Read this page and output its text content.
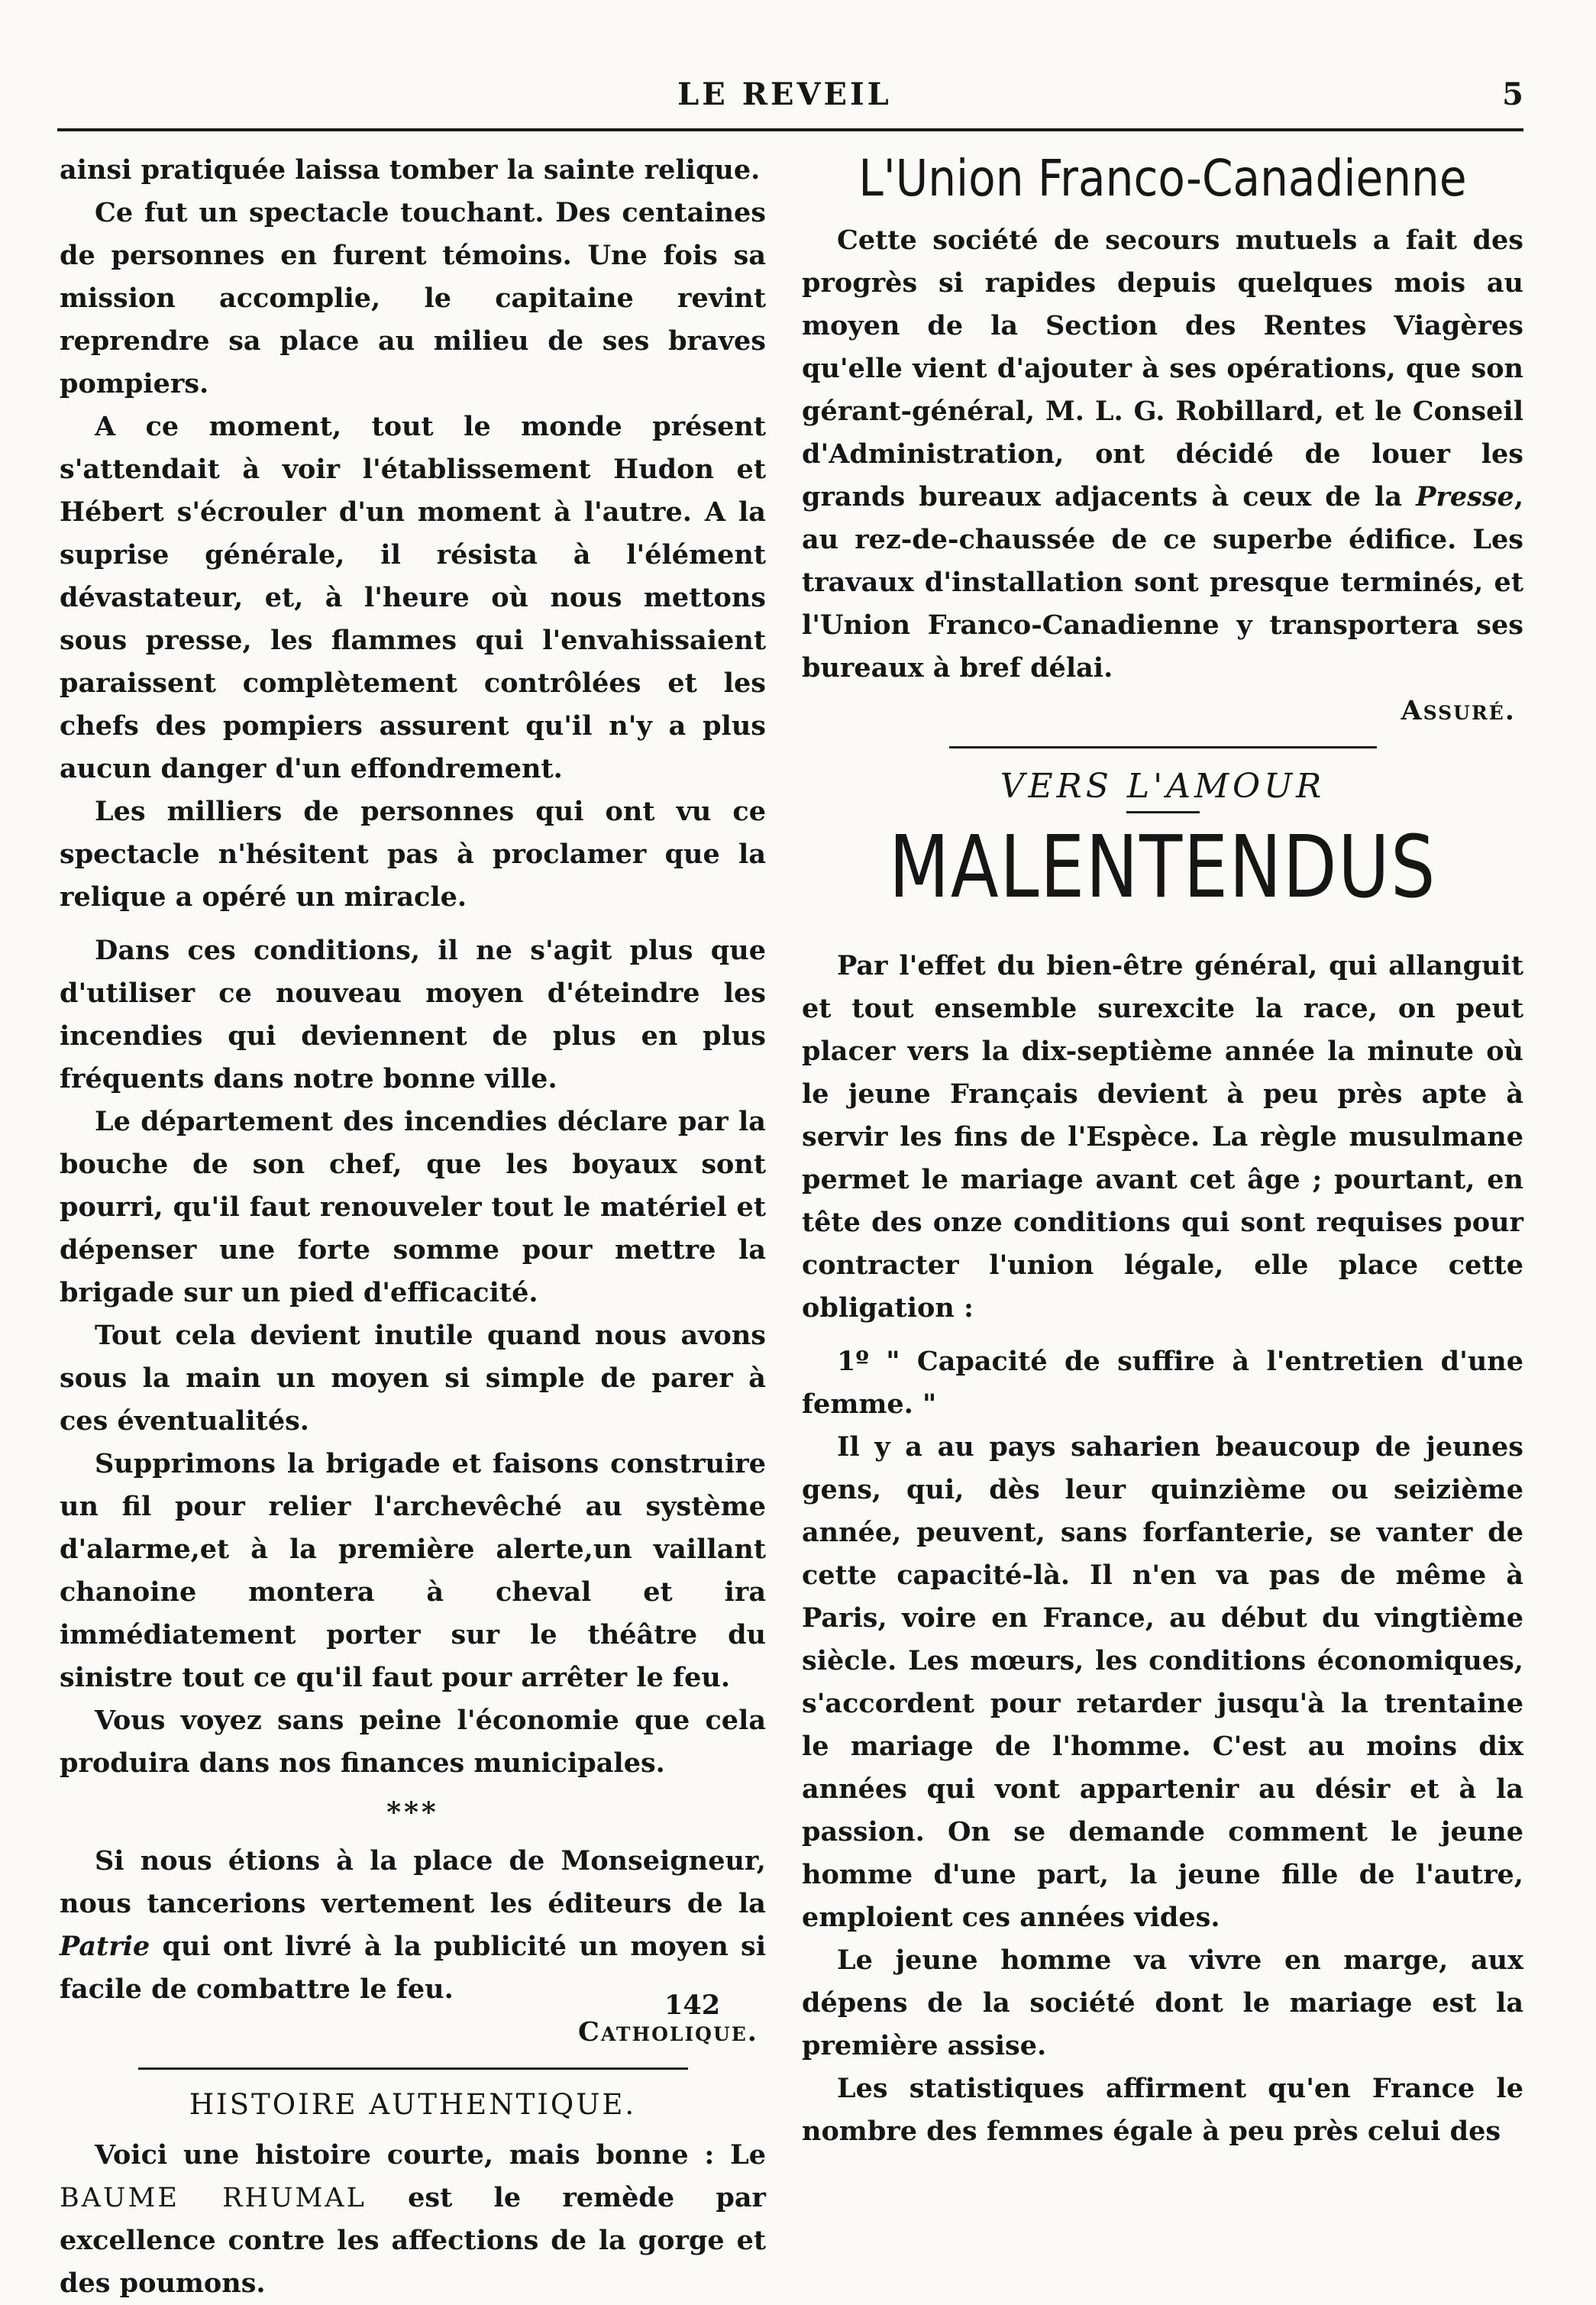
LE REVEIL	5

ainsi pratiquée laissa tomber la sainte relique.

Ce fut un spectacle touchant. Des centaines de personnes en furent témoins. Une fois sa mission accomplie, le capitaine revint reprendre sa place au milieu de ses braves pompiers.

A ce moment, tout le monde présent s'attendait à voir l'établissement Hudon et Hébert s'écrouler d'un moment à l'autre. A la suprise générale, il résista à l'élément dévastateur, et, à l'heure où nous mettons sous presse, les flammes qui l'envahissaient paraissent complètement contrôlées et les chefs des pompiers assurent qu'il n'y a plus aucun danger d'un effondrement.

Les milliers de personnes qui ont vu ce spectacle n'hésitent pas à proclamer que la relique a opéré un miracle.

Dans ces conditions, il ne s'agit plus que d'utiliser ce nouveau moyen d'éteindre les incendies qui deviennent de plus en plus fréquents dans notre bonne ville.

Le département des incendies déclare par la bouche de son chef, que les boyaux sont pourri, qu'il faut renouveler tout le matériel et dépenser une forte somme pour mettre la brigade sur un pied d'efficacité.

Tout cela devient inutile quand nous avons sous la main un moyen si simple de parer à ces éventualités.

Supprimons la brigade et faisons construire un fil pour relier l'archevêché au système d'alarme,et à la première alerte,un vaillant chanoine montera à cheval et ira immédiatement porter sur le théâtre du sinistre tout ce qu'il faut pour arrêter le feu.

Vous voyez sans peine l'économie que cela produira dans nos finances municipales.

***

Si nous étions à la place de Monseigneur, nous tancerions vertement les éditeurs de la Patrie qui ont livré à la publicité un moyen si facile de combattre le feu.

Catholique.

HISTOIRE AUTHENTIQUE.

Voici une histoire courte, mais bonne : Le BAUME RHUMAL est le remède par excellence contre les affections de la gorge et des poumons.

L'Union Franco-Canadienne

Cette société de secours mutuels a fait des progrès si rapides depuis quelques mois au moyen de la Section des Rentes Viagères qu'elle vient d'ajouter à ses opérations, que son gérant-général, M. L. G. Robillard, et le Conseil d'Administration, ont décidé de louer les grands bureaux adjacents à ceux de la Presse, au rez-de-chaussée de ce superbe édifice. Les travaux d'installation sont presque terminés, et l'Union Franco-Canadienne y transportera ses bureaux à bref délai.

Assuré.

VERS L'AMOUR
MALENTENDUS

Par l'effet du bien-être général, qui allanguit et tout ensemble surexcite la race, on peut placer vers la dix-septième année la minute où le jeune Français devient à peu près apte à servir les fins de l'Espèce. La règle musulmane permet le mariage avant cet âge ; pourtant, en tête des onze conditions qui sont requises pour contracter l'union légale, elle place cette obligation :

1º " Capacité de suffire à l'entretien d'une femme. "

Il y a au pays saharien beaucoup de jeunes gens, qui, dès leur quinzième ou seizième année, peuvent, sans forfanterie, se vanter de cette capacité-là. Il n'en va pas de même à Paris, voire en France, au début du vingtième siècle. Les mœurs, les conditions économiques, s'accordent pour retarder jusqu'à la trentaine le mariage de l'homme. C'est au moins dix années qui vont appartenir au désir et à la passion. On se demande comment le jeune homme d'une part, la jeune fille de l'autre, emploient ces années vides.

Le jeune homme va vivre en marge, aux dépens de la société dont le mariage est la première assise.

Les statistiques affirment qu'en France le nombre des femmes égale à peu près celui des

142
